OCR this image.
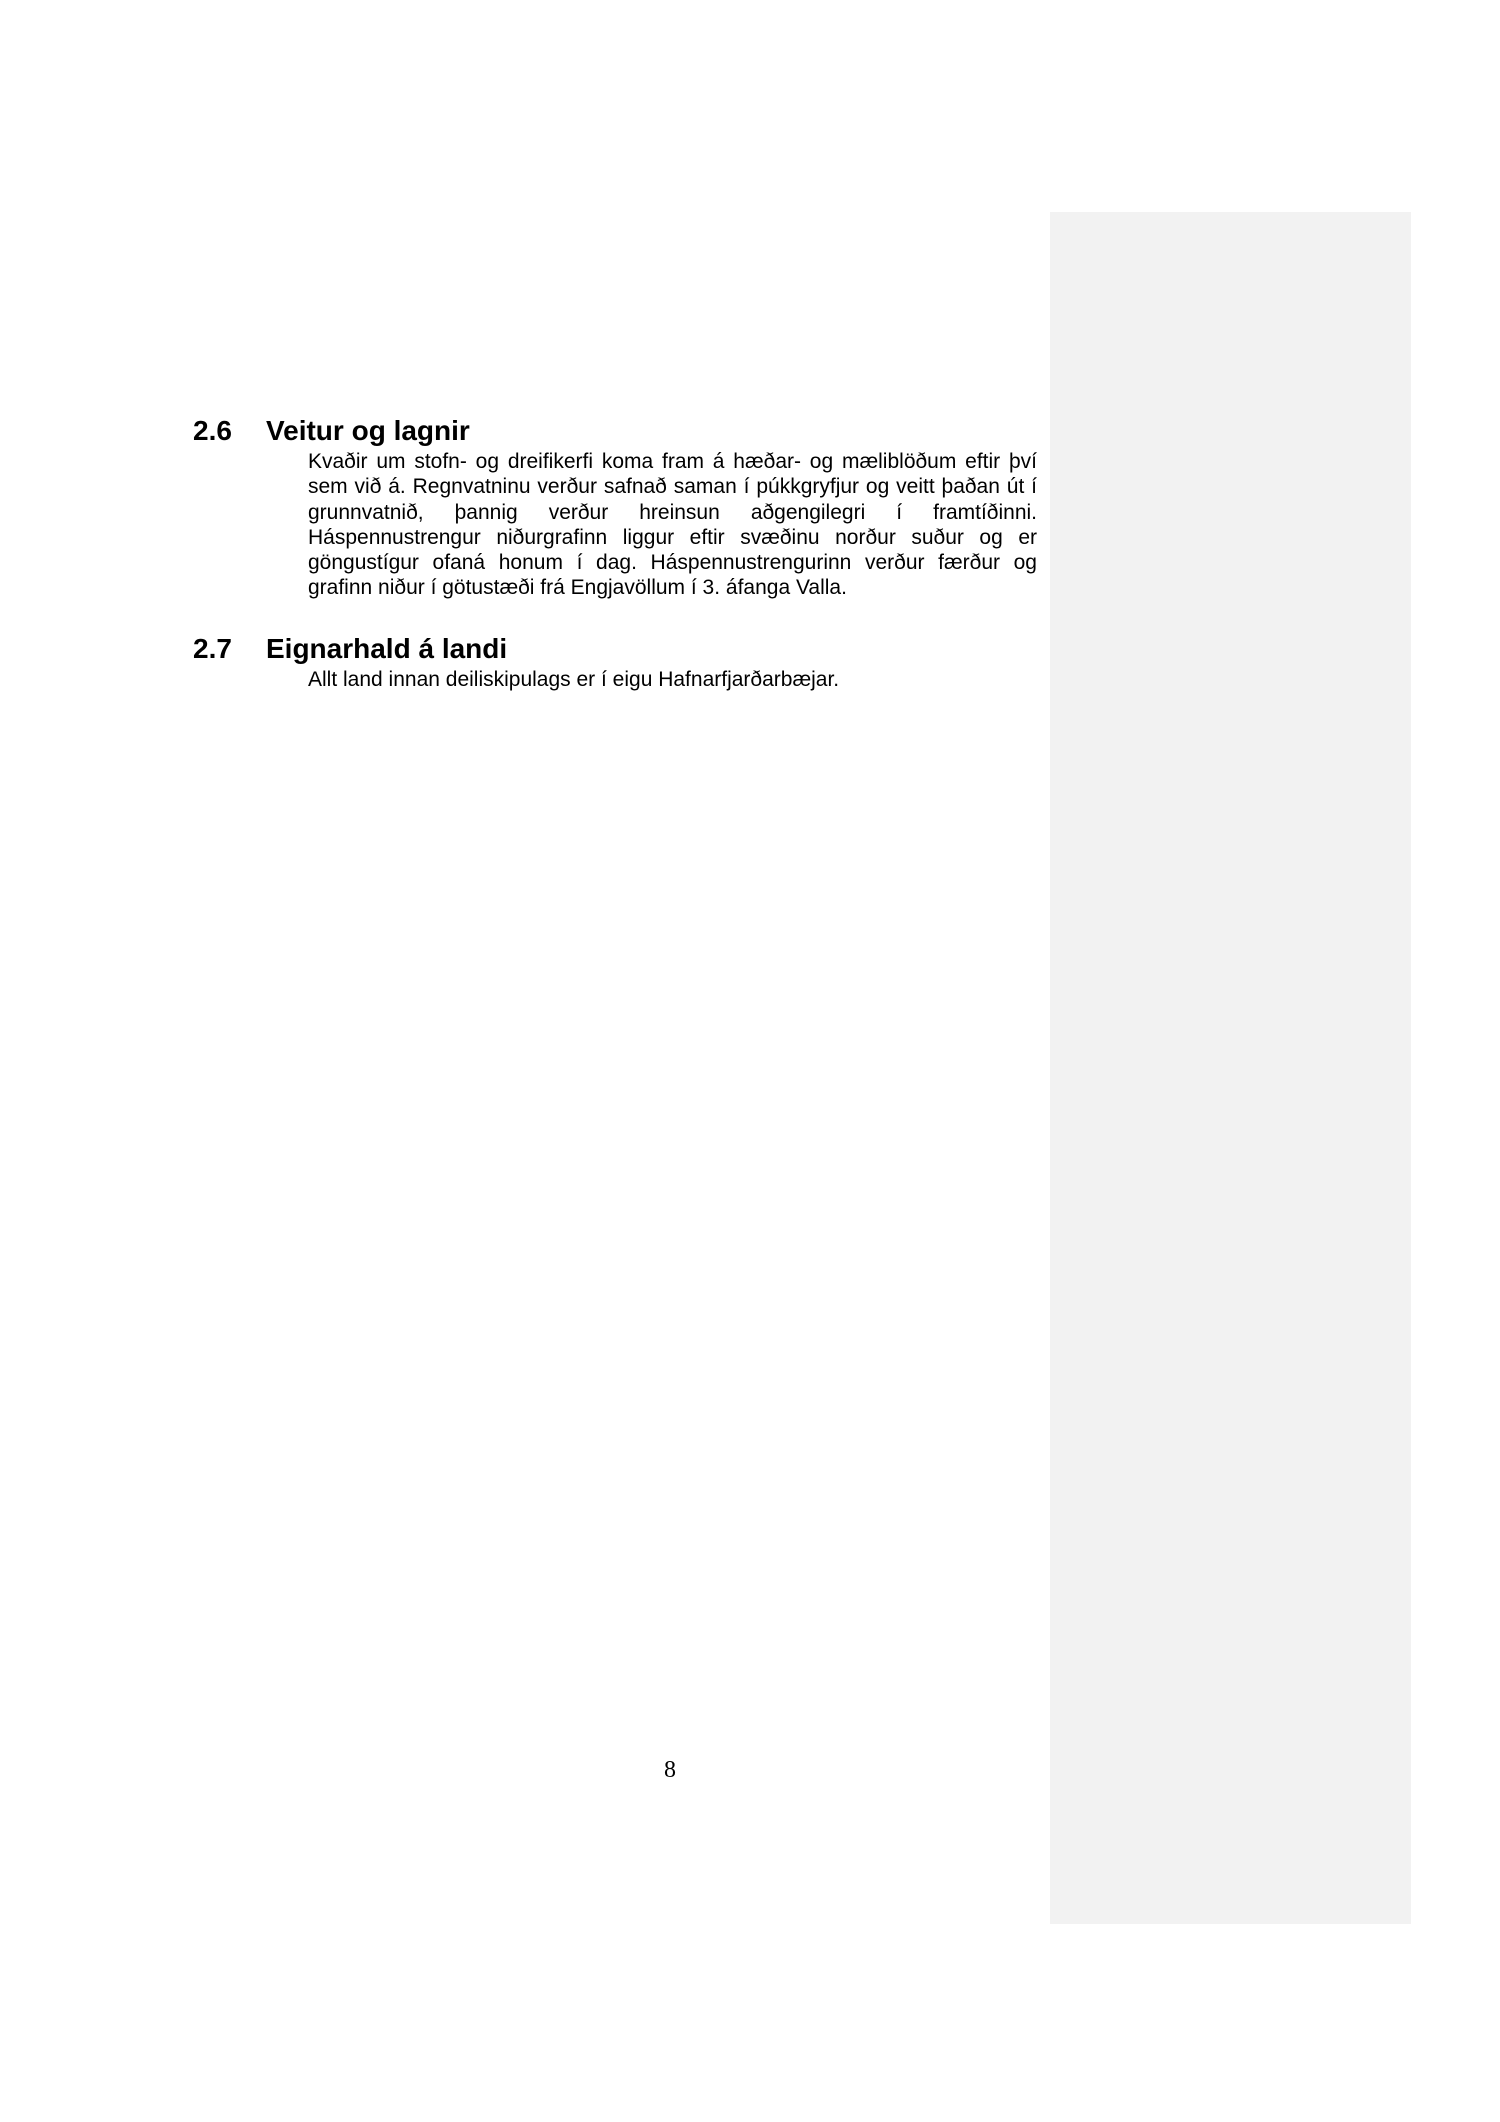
2.6	Veitur og lagnir
Kvaðir um stofn- og dreifikerfi koma fram á hæðar- og mæliblöðum eftir því sem við á. Regnvatninu verður safnað saman í púkkgryfjur og veitt þaðan út í grunnvatnið, þannig verður hreinsun aðgengilegri í framtíðinni. Háspennustrengur niðurgrafinn liggur eftir svæðinu norður suður og er göngustígur ofaná honum í dag. Háspennustrengurinn verður færður og grafinn niður í götustæði frá Engjavöllum í 3. áfanga Valla.
2.7	Eignarhald á landi
Allt land innan deiliskipulags er í eigu Hafnarfjarðarbæjar.
8
